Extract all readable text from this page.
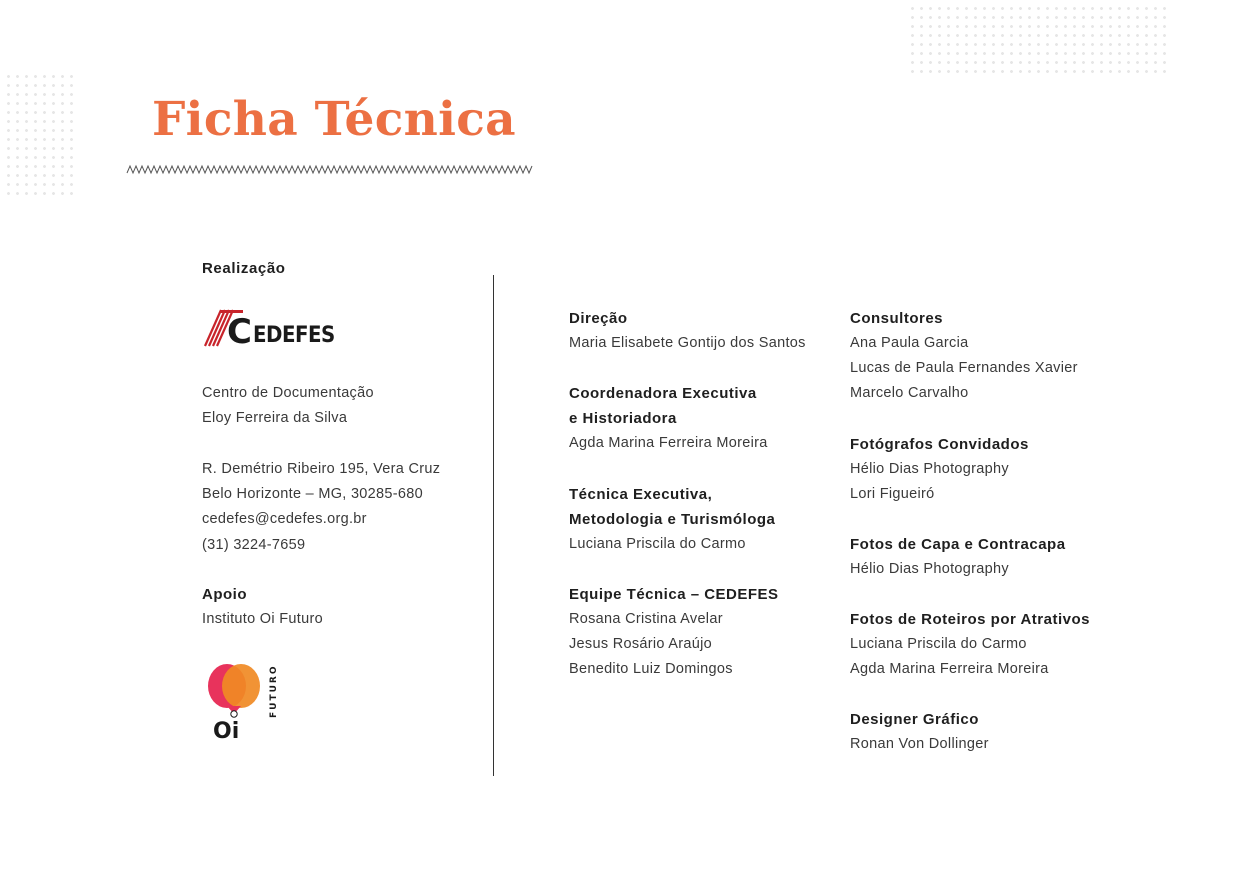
Ficha Técnica
Realização
C EDEFES
Centro de Documentação
Eloy Ferreira da Silva
R. Demétrio Ribeiro 195, Vera Cruz
Belo Horizonte – MG, 30285-680
cedefes@cedefes.org.br
(31) 3224-7659
Apoio
Instituto Oi Futuro
Oi
FUTURO
Direção
Maria Elisabete Gontijo dos Santos
Coordenadora Executiva
e Historiadora
Agda Marina Ferreira Moreira
Técnica Executiva,
Metodologia e Turismóloga
Luciana Priscila do Carmo
Equipe Técnica – CEDEFES
Rosana Cristina Avelar
Jesus Rosário Araújo
Benedito Luiz Domingos
Consultores
Ana Paula Garcia
Lucas de Paula Fernandes Xavier
Marcelo Carvalho
Fotógrafos Convidados
Hélio Dias Photography
Lori Figueiró
Fotos de Capa e Contracapa
Hélio Dias Photography
Fotos de Roteiros por Atrativos
Luciana Priscila do Carmo
Agda Marina Ferreira Moreira
Designer Gráfico
Ronan Von Dollinger
